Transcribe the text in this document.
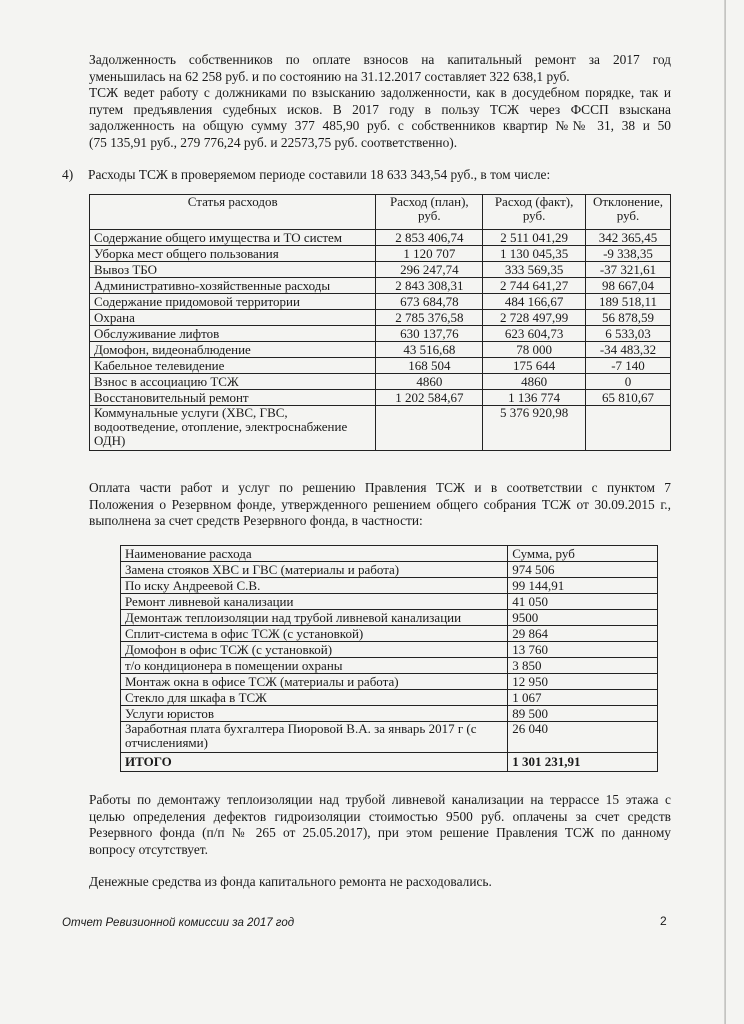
Задолженность собственников по оплате взносов на капитальный ремонт за 2017 год
уменьшилась на 62 258 руб. и по состоянию на 31.12.2017 составляет 322 638,1 руб.
ТСЖ ведет работу с должниками по взысканию задолженности, как в досудебном порядке, так и
путем предъявления судебных исков. В 2017 году в пользу ТСЖ через ФССП взыскана
задолженность на общую сумму 377 485,90 руб. с собственников квартир №№ 31, 38 и 50
(75 135,91 руб., 279 776,24 руб. и 22573,75 руб. соответственно).

4) Расходы ТСЖ в проверяемом периоде составили 18 633 343,54 руб., в том числе:
Статья расходов	Расход (план), руб.	Расход (факт), руб.	Отклонение, руб.
Содержание общего имущества и ТО систем	2 853 406,74	2 511 041,29	342 365,45
Уборка мест общего пользования	1 120 707	1 130 045,35	-9 338,35
Вывоз ТБО	296 247,74	333 569,35	-37 321,61
Административно-хозяйственные расходы	2 843 308,31	2 744 641,27	98 667,04
Содержание придомовой территории	673 684,78	484 166,67	189 518,11
Охрана	2 785 376,58	2 728 497,99	56 878,59
Обслуживание лифтов	630 137,76	623 604,73	6 533,03
Домофон, видеонаблюдение	43 516,68	78 000	-34 483,32
Кабельное телевидение	168 504	175 644	-7 140
Взнос в ассоциацию ТСЖ	4860	4860	0
Восстановительный ремонт	1 202 584,67	1 136 774	65 810,67
Коммунальные услуги (ХВС, ГВС, водоотведение, отопление, электроснабжение ОДН)		5 376 920,98	

Оплата части работ и услуг по решению Правления ТСЖ и в соответствии с пунктом 7
Положения о Резервном фонде, утвержденного решением общего собрания ТСЖ от 30.09.2015 г.,
выполнена за счет средств Резервного фонда, в частности:

Наименование расхода	Сумма, руб
Замена стояков ХВС и ГВС (материалы и работа)	974 506
По иску Андреевой С.В.	99 144,91
Ремонт ливневой канализации	41 050
Демонтаж теплоизоляции над трубой ливневой канализации	9500
Сплит-система в офис ТСЖ (с установкой)	29 864
Домофон в офис ТСЖ (с установкой)	13 760
т/о кондиционера в помещении охраны	3 850
Монтаж окна в офисе ТСЖ (материалы и работа)	12 950
Стекло для шкафа в ТСЖ	1 067
Услуги юристов	89 500
Заработная плата бухгалтера Пиоровой В.А. за январь 2017 г (с отчислениями)	26 040
ИТОГО	1 301 231,91

Работы по демонтажу теплоизоляции над трубой ливневой канализации на террассе 15 этажа с
целью определения дефектов гидроизоляции стоимостью 9500 руб. оплачены за счет средств
Резервного фонда (п/п № 265 от 25.05.2017), при этом решение Правления ТСЖ по данному
вопросу отсутствует.

Денежные средства из фонда капитального ремонта не расходовались.

Отчет Ревизионной комиссии за 2017 год	2
